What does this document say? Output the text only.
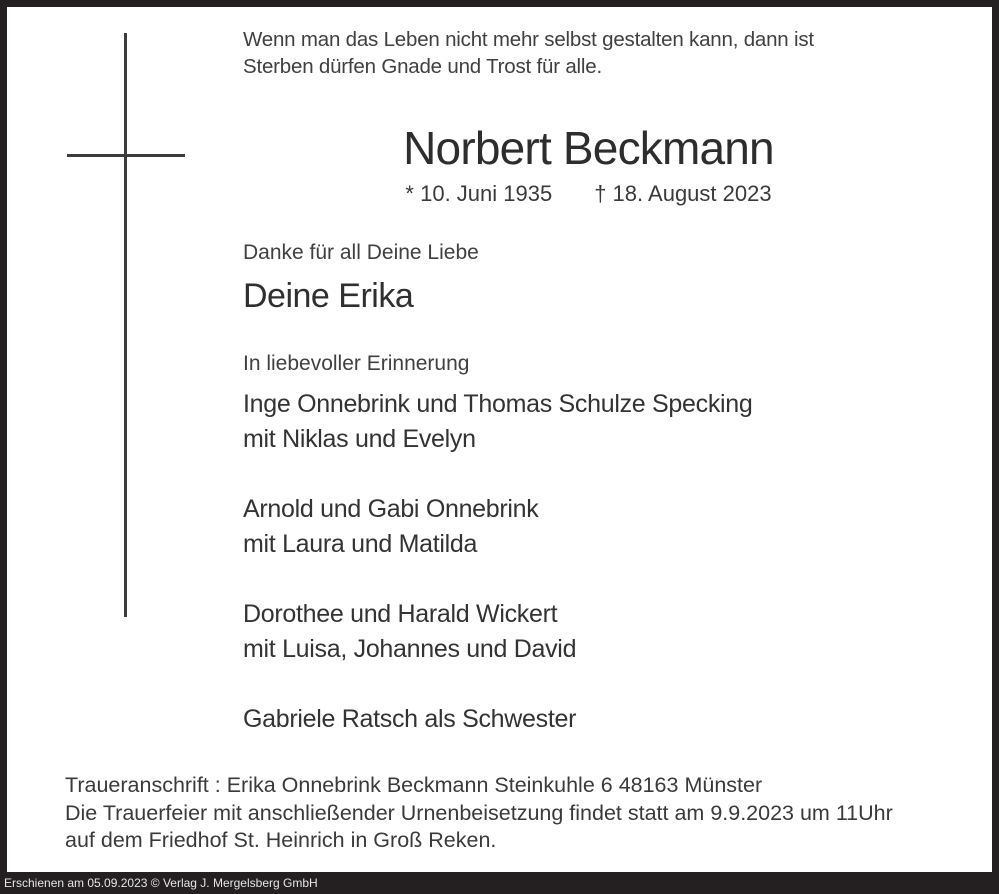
Wenn man das Leben nicht mehr selbst gestalten kann, dann ist
Sterben dürfen Gnade und Trost für alle.
Norbert Beckmann
* 10. Juni 1935 † 18. August 2023
Danke für all Deine Liebe
Deine Erika
In liebevoller Erinnerung
Inge Onnebrink und Thomas Schulze Specking
mit Niklas und Evelyn
Arnold und Gabi Onnebrink
mit Laura und Matilda
Dorothee und Harald Wickert
mit Luisa, Johannes und David
Gabriele Ratsch als Schwester
Traueranschrift : Erika Onnebrink Beckmann Steinkuhle 6 48163 Münster
Die Trauerfeier mit anschließender Urnenbeisetzung findet statt am 9.9.2023 um 11Uhr
auf dem Friedhof St. Heinrich in Groß Reken.
Erschienen am 05.09.2023 © Verlag J. Mergelsberg GmbH
